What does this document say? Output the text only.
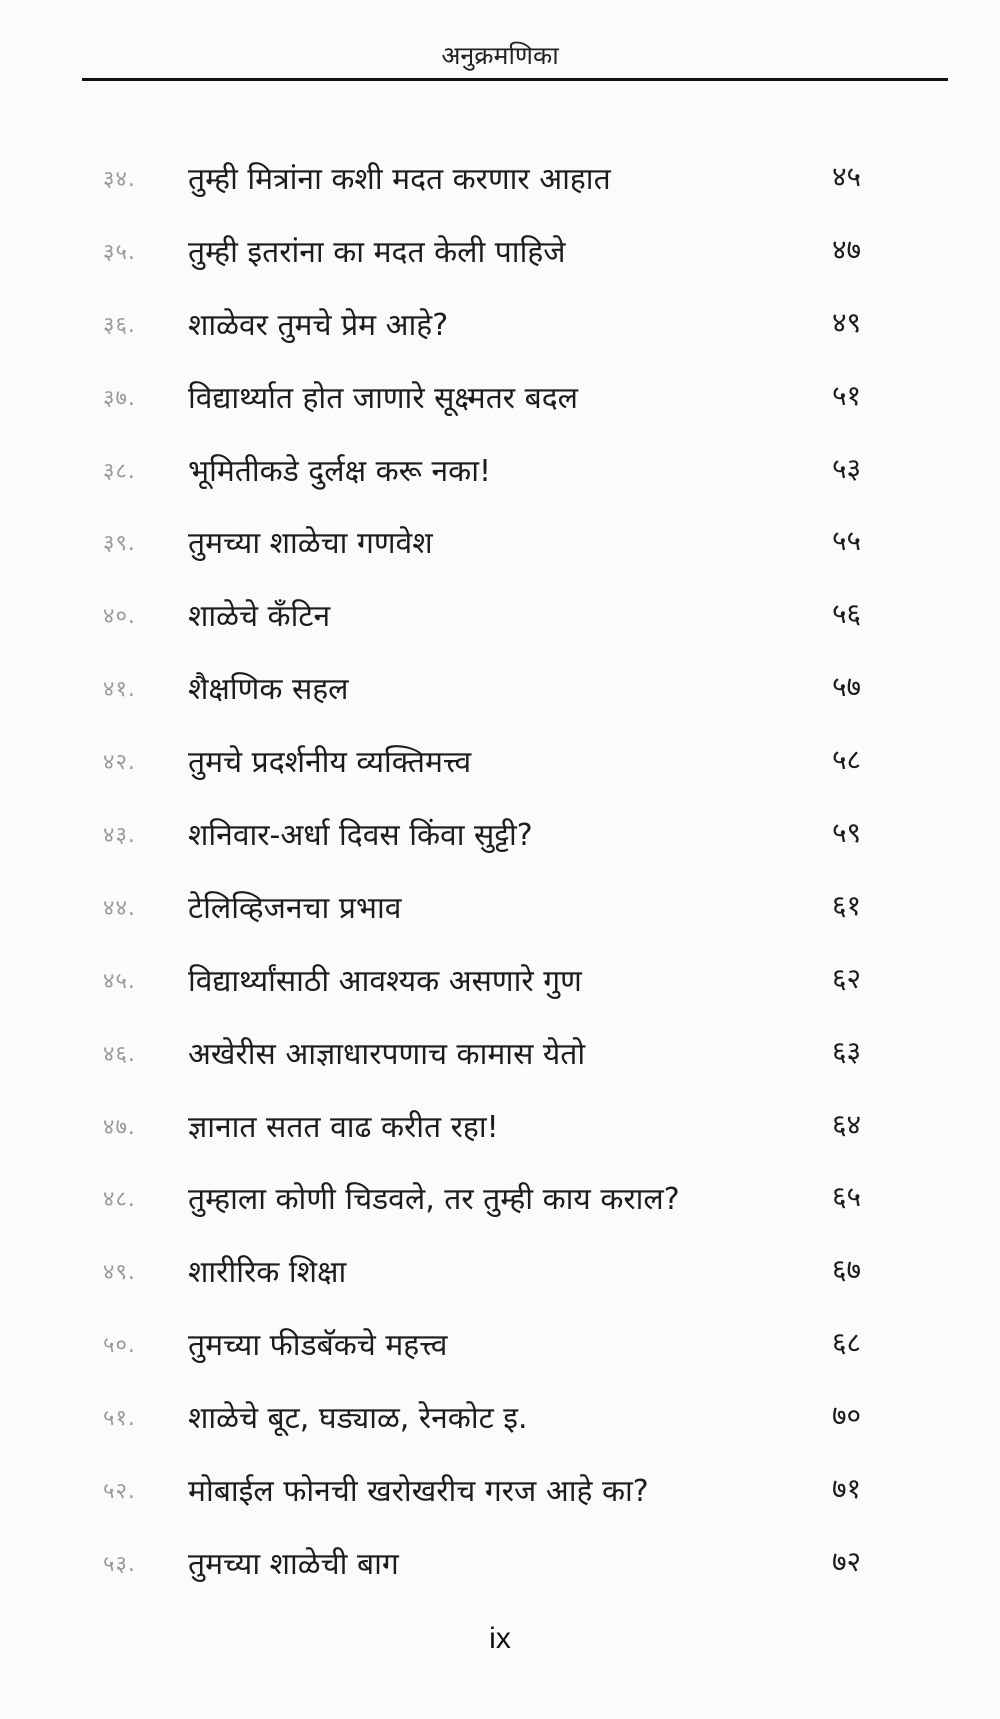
अनुक्रमणिका
३४. तुम्ही मित्रांना कशी मदत करणार आहात	४५
३५. तुम्ही इतरांना का मदत केली पाहिजे	४७
३६. शाळेवर तुमचे प्रेम आहे?	४९
३७. विद्यार्थ्यात होत जाणारे सूक्ष्मतर बदल	५१
३८. भूमितीकडे दुर्लक्ष करू नका!	५३
३९. तुमच्या शाळेचा गणवेश	५५
४०. शाळेचे कॅंटिन	५६
४१. शैक्षणिक सहल	५७
४२. तुमचे प्रदर्शनीय व्यक्तिमत्त्व	५८
४३. शनिवार-अर्धा दिवस किंवा सुट्टी?	५९
४४. टेलिव्हिजनचा प्रभाव	६१
४५. विद्यार्थ्यांसाठी आवश्यक असणारे गुण	६२
४६. अखेरीस आज्ञाधारपणाच कामास येतो	६३
४७. ज्ञानात सतत वाढ करीत रहा!	६४
४८. तुम्हाला कोणी चिडवले, तर तुम्ही काय कराल?	६५
४९. शारीरिक शिक्षा	६७
५०. तुमच्या फीडबॅकचे महत्त्व	६८
५१. शाळेचे बूट, घड्याळ, रेनकोट इ.	७०
५२. मोबाईल फोनची खरोखरीच गरज आहे का?	७१
५३. तुमच्या शाळेची बाग	७२
ix
